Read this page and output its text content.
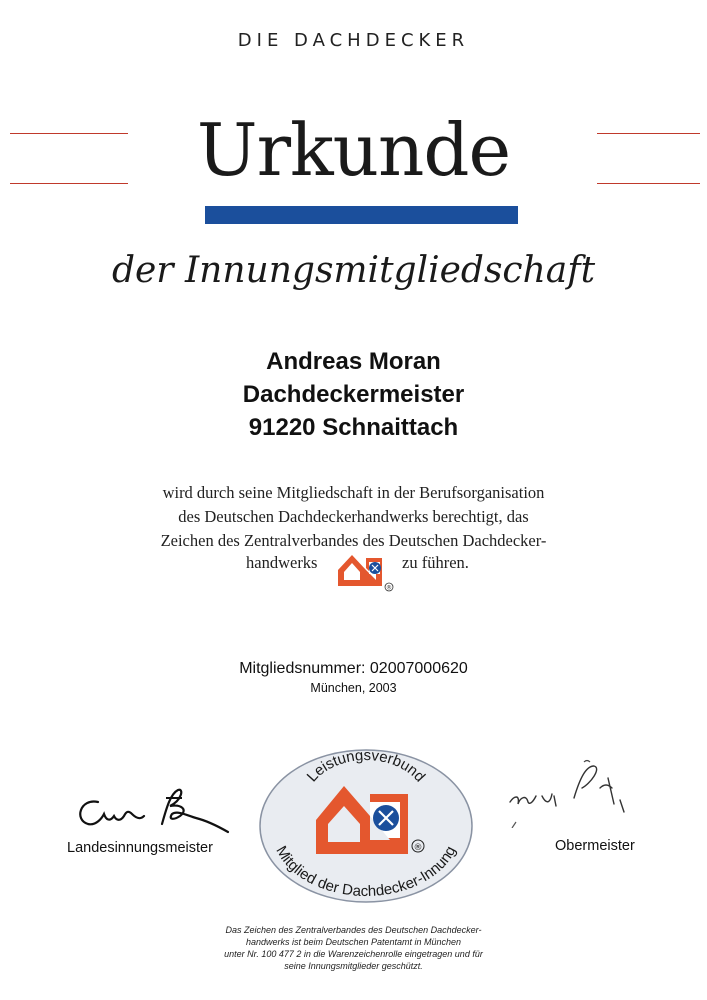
DIE DACHDECKER
Urkunde
der Innungsmitgliedschaft
Andreas Moran
Dachdeckermeister
91220 Schnaittach
wird durch seine Mitgliedschaft in der Berufsorganisation
des Deutschen Dachdeckerhandwerks berechtigt, das
Zeichen des Zentralverbandes des Deutschen Dachdecker-
handwerks	zu führen.
®
Mitgliedsnummer: 02007000620
München, 2003
Landesinnungsmeister	Obermeister
Leistungsverbund
Mitglied der Dachdecker-Innung
®
Das Zeichen des Zentralverbandes des Deutschen Dachdecker-
handwerks ist beim Deutschen Patentamt in München
unter Nr. 100 477 2 in die Warenzeichenrolle eingetragen und für
seine Innungsmitglieder geschützt.
